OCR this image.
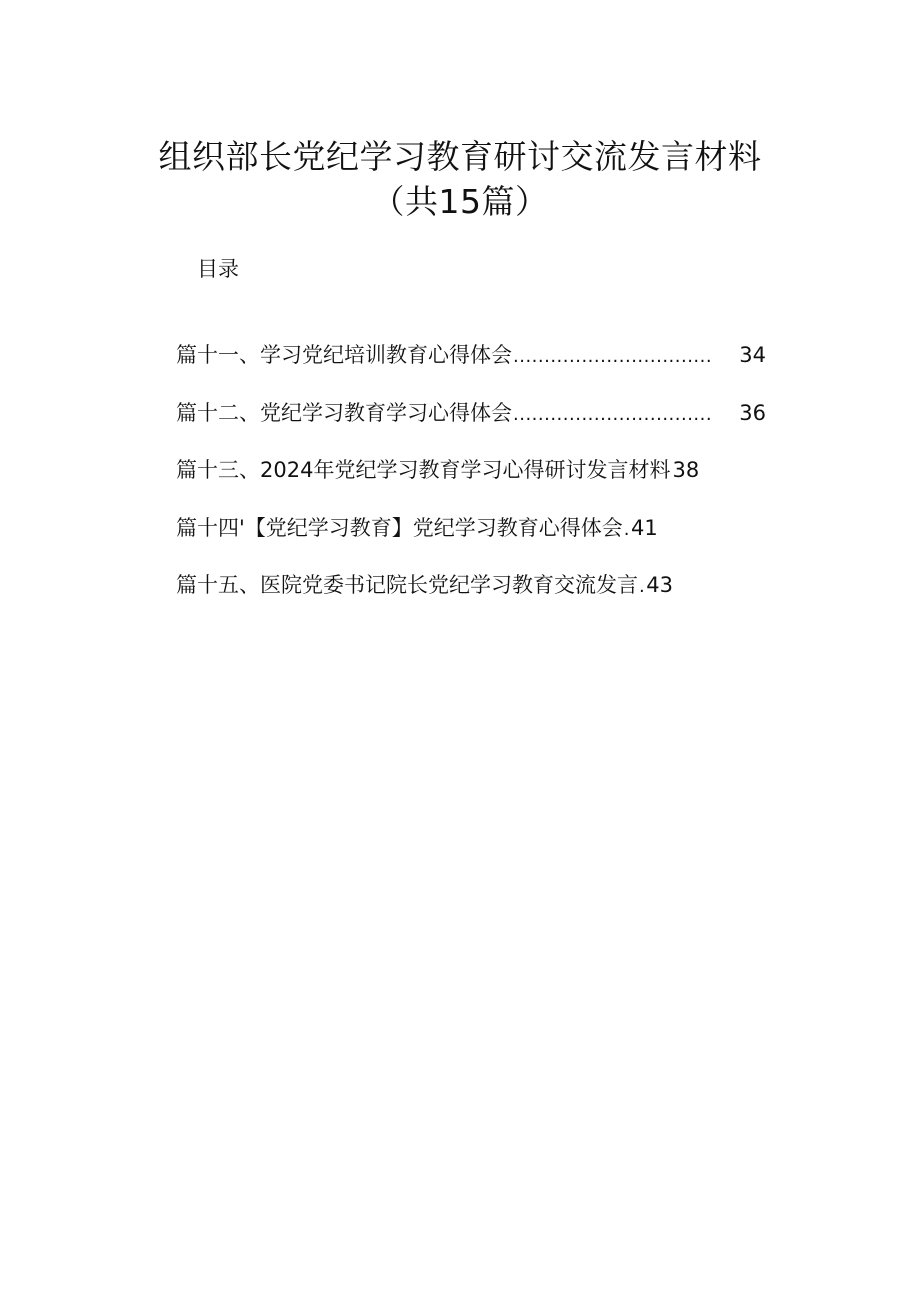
组织部长党纪学习教育研讨交流发言材料
（共15篇）
目录
篇十一、学习党纪培训教育心得体会 ................................	34
篇十二、党纪学习教育学习心得体会 ................................	36
篇十三、2024年党纪学习教育学习心得研讨发言材料 38
篇十四'【党纪学习教育】党纪学习教育心得体会 . 41
篇十五、医院党委书记院长党纪学习教育交流发言 . 43
